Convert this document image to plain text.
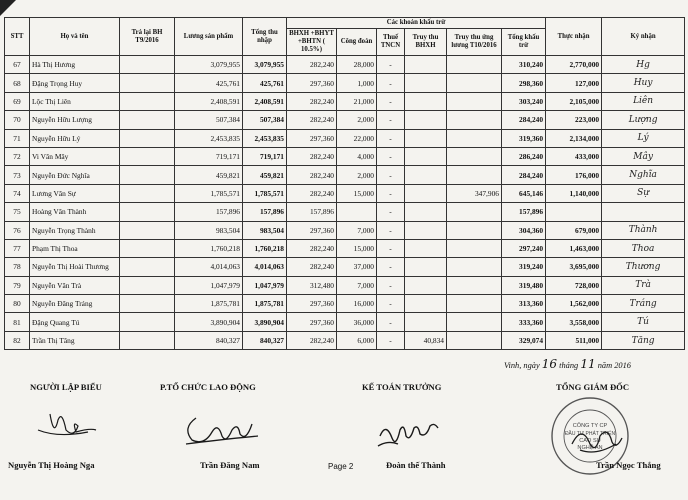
STT	Họ và tên	Trả lại BH T9/2016	Lương sản phẩm	Tổng thu nhập	Các khoản khấu trừ						Thực nhận	Ký nhận
					BHXH +BHYT +BHTN ( 10.5%)	Công đoàn	Thuế TNCN	Truy thu BHXH	Truy thu ứng lương T10/2016	Tổng khấu trừ		
67	Hà Thị Hương		3,079,955	3,079,955	282,240	28,000	-			310,240	2,770,000	Hg
68	Đặng Trọng Huy		425,761	425,761	297,360	1,000	-			298,360	127,000	Huy
69	Lộc Thị Liên		2,408,591	2,408,591	282,240	21,000	-			303,240	2,105,000	Liên
70	Nguyễn Hữu Lượng		507,384	507,384	282,240	2,000	-			284,240	223,000	Lượng
71	Nguyễn Hữu Lý		2,453,835	2,453,835	297,360	22,000	-			319,360	2,134,000	Lý
72	Vi Văn Mây		719,171	719,171	282,240	4,000	-			286,240	433,000	Mây
73	Nguyễn Đức Nghĩa		459,821	459,821	282,240	2,000	-			284,240	176,000	Nghĩa
74	Lương Văn Sự		1,785,571	1,785,571	282,240	15,000	-		347,906	645,146	1,140,000	Sự
75	Hoàng Văn Thành		157,896	157,896	157,896		-			157,896		
76	Nguyễn Trọng Thành		983,504	983,504	297,360	7,000	-			304,360	679,000	Thành
77	Phạm Thị Thoa		1,760,218	1,760,218	282,240	15,000	-			297,240	1,463,000	Thoa
78	Nguyễn Thị Hoài Thương		4,014,063	4,014,063	282,240	37,000	-			319,240	3,695,000	Thương
79	Nguyễn Văn Trà		1,047,979	1,047,979	312,480	7,000	-			319,480	728,000	Trà
80	Nguyễn Đăng Tráng		1,875,781	1,875,781	297,360	16,000	-			313,360	1,562,000	Tráng
81	Đặng Quang Tú		3,890,904	3,890,904	297,360	36,000	-			333,360	3,558,000	Tú
82	Trần Thị Tăng		840,327	840,327	282,240	6,000	-	40,834		329,074	511,000	Tăng
Vinh, ngày 16 tháng 11 năm 2016
NGƯỜI LẬP BIỂU	P.TỔ CHỨC LAO ĐỘNG	KẾ TOÁN TRƯỞNG	TỔNG GIÁM ĐỐC
CÔNG TY CP
ĐẦU TƯ PHÁT TRIỂN
CAO SU
NGHỆ AN
Nguyễn Thị Hoàng Nga	Trần Đăng Nam	Page 2	Đoàn thế Thành	Trần Ngọc Thắng
